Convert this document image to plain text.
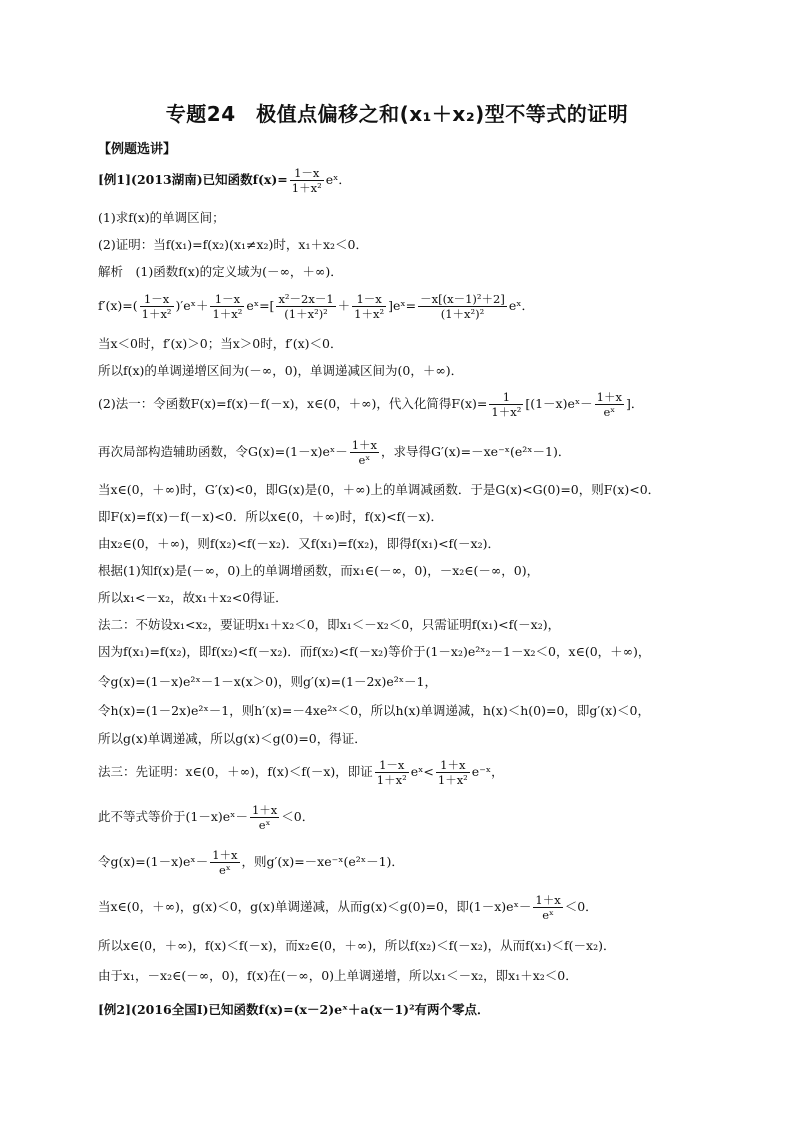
专题24　极值点偏移之和(x₁＋x₂)型不等式的证明
【例题选讲】
[例1](2013湖南)已知函数$f(x)= \frac{1-x}{\text{1＋x²}}$ eˣ．
(1)求f(x)的单调区间；
(2)证明：当f(x₁)=f(x₂)(x₁≠x₂)时，x₁＋x₂＜0．
解析　(1)函数f(x)的定义域为(－∞，＋∞)．
$f'(x)=( \frac{1-x}{\text{1＋x²}}$ )′eˣ＋ $\frac{1-x}{\text{1＋x²}}$ eˣ=[ $\frac{\text{x²－2x－1}}{\text{(1＋x²)²}} + \frac{1-x}{\text{1＋x²}}$ ]eˣ= $\frac{\text{－x[(x－1)²＋2]}}{\text{(1＋x²)²}}$ eˣ．
当x＜0时，f′(x)＞0；当x＞0时，f′(x)＜0．
所以f(x)的单调递增区间为(－∞，0)，单调递减区间为(0，＋∞)．
(2)法一：令函数F(x)=f(x)－f(－x)，x∈(0，＋∞)，代入化简得$F(x)= \frac{1}{\text{1＋x²}}$ [(1－x)eˣ－ $\frac{1+x}{\text{eˣ}}$ ]．
再次局部构造辅助函数，令G(x)=(1－x)eˣ－ $\frac{1+x}{\text{eˣ}}$ ，求导得G′(x)=－xe⁻ˣ(e²ˣ－1)．
当x∈(0，＋∞)时，G′(x)<0，即G(x)是(0，＋∞)上的单调减函数．于是G(x)<G(0)=0，则F(x)<0．
即F(x)=f(x)－f(－x)<0．所以x∈(0，＋∞)时，f(x)<f(－x)．
由x₂∈(0，＋∞)，则f(x₂)<f(－x₂)．又f(x₁)=f(x₂)，即得f(x₁)<f(－x₂)．
根据(1)知f(x)是(－∞，0)上的单调增函数，而x₁∈(－∞，0)，－x₂∈(－∞，0)，
所以x₁<－x₂，故x₁＋x₂<0得证．
法二：不妨设x₁<x₂，要证明x₁＋x₂＜0，即x₁＜－x₂＜0，只需证明f(x₁)<f(－x₂)，
因为f(x₁)=f(x₂)，即f(x₂)<f(－x₂)．而f(x₂)<f(－x₂)等价于(1－x₂)e²ˣ₂－1－x₂＜0，x∈(0，＋∞)，
令g(x)=(1－x)e²ˣ－1－x(x＞0)，则g′(x)=(1－2x)e²ˣ－1，
令h(x)=(1－2x)e²ˣ－1，则h′(x)=－4xe²ˣ＜0，所以h(x)单调递减，h(x)＜h(0)=0，即g′(x)＜0，
所以g(x)单调递减，所以g(x)＜g(0)=0，得证．
法三：先证明：x∈(0，＋∞)，f(x)＜f(－x)，即证 $\frac{1-x}{\text{1＋x²}}$ eˣ< $\frac{1+x}{\text{1＋x²}}$ e⁻ˣ，
此不等式等价于(1－x)eˣ－ $\frac{1+x}{\text{eˣ}} <0$．
令g(x)=(1－x)eˣ－ $\frac{1+x}{\text{eˣ}}$ ，则g′(x)=－xe⁻ˣ(e²ˣ－1)．
当x∈(0，＋∞)，g(x)＜0，g(x)单调递减，从而g(x)＜g(0)=0，即(1－x)eˣ－ $\frac{1+x}{\text{eˣ}} <0$．
所以x∈(0，＋∞)，f(x)＜f(－x)，而x₂∈(0，＋∞)，所以f(x₂)＜f(－x₂)，从而f(x₁)＜f(－x₂)．
由于x₁，－x₂∈(－∞，0)，f(x)在(－∞，0)上单调递增，所以x₁＜－x₂，即x₁＋x₂＜0．
[例2](2016全国Ⅰ)已知函数f(x)=(x－2)eˣ＋a(x－1)²有两个零点．
